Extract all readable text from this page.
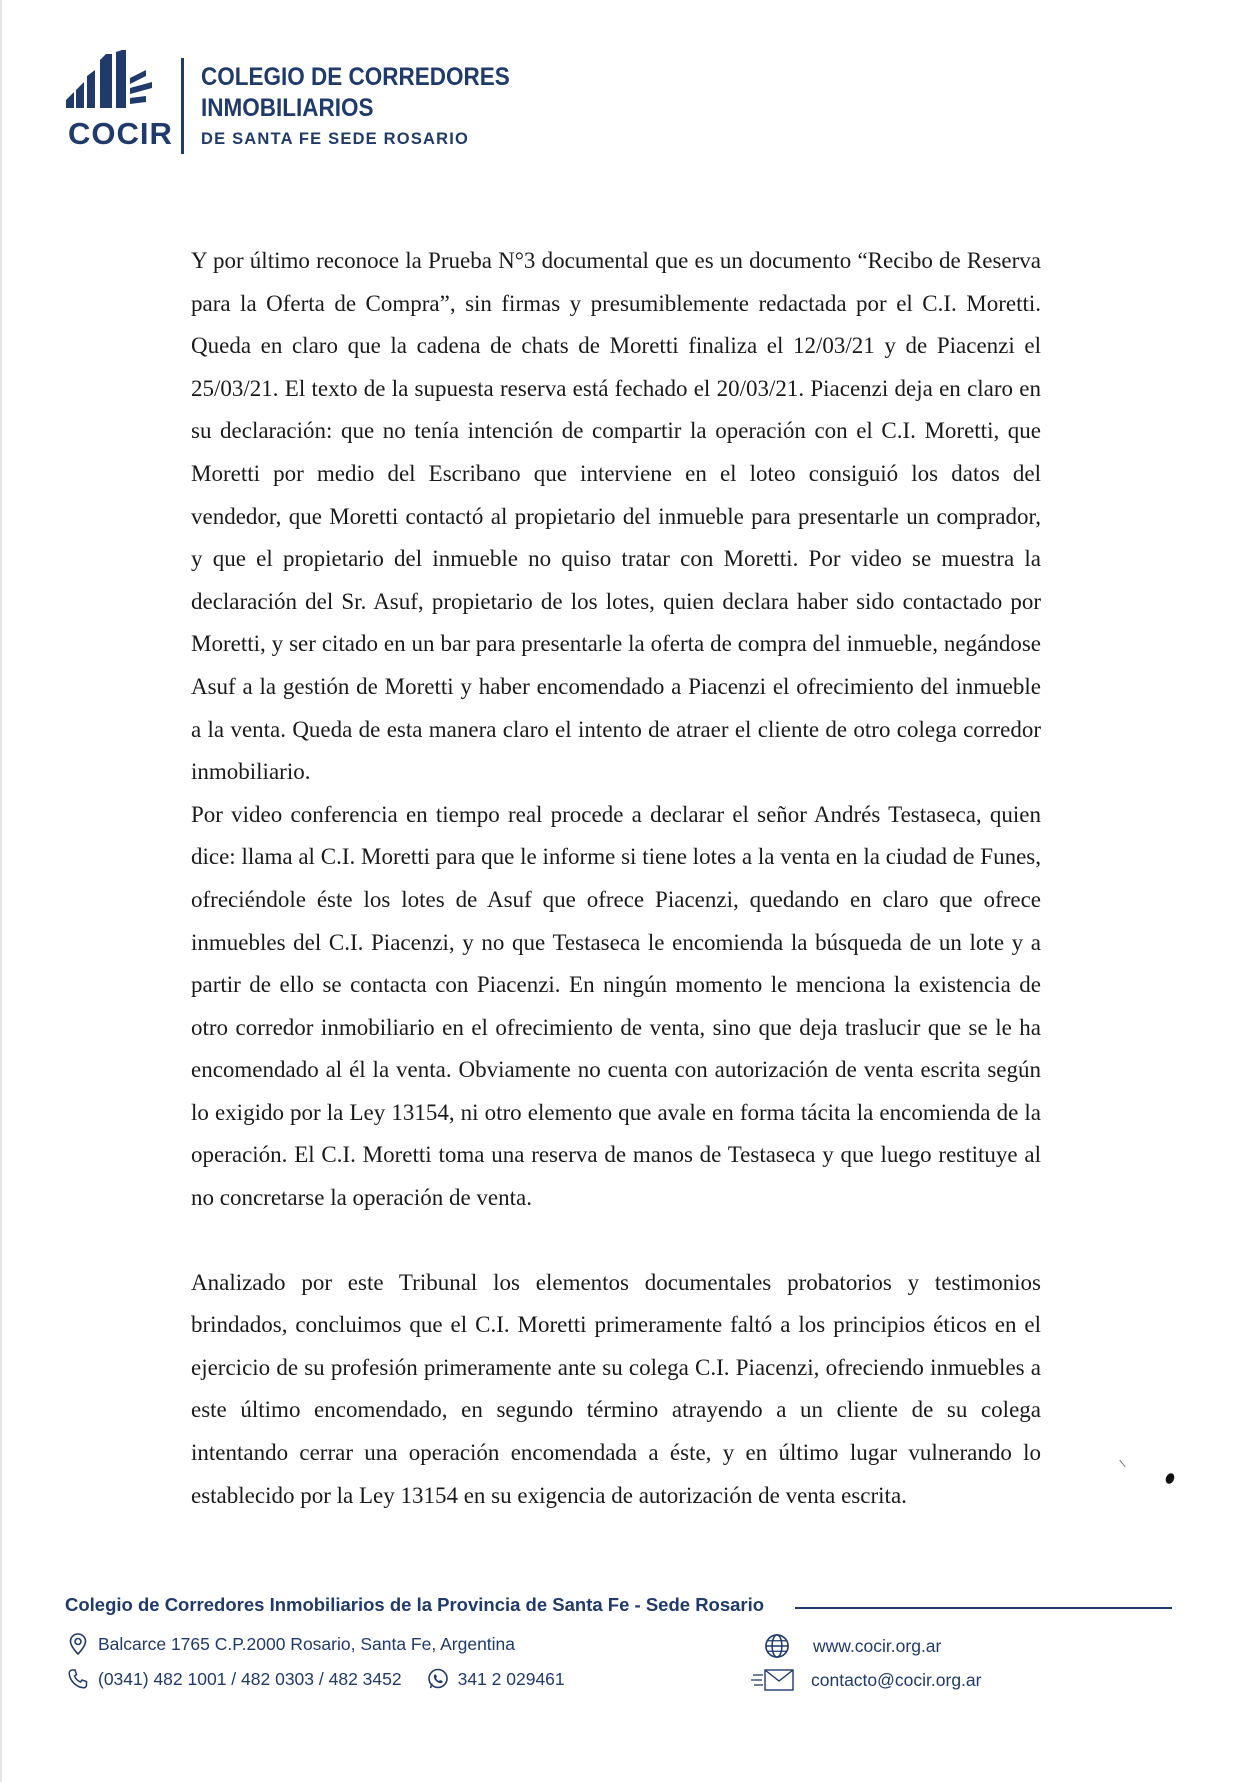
COCIR
COLEGIO DE CORREDORES
INMOBILIARIOS
DE SANTA FE SEDE ROSARIO

Y por último reconoce la Prueba N°3 documental que es un documento “Recibo de Reserva para la Oferta de Compra”, sin firmas y presumiblemente redactada por el C.I. Moretti. Queda en claro que la cadena de chats de Moretti finaliza el 12/03/21 y de Piacenzi el 25/03/21. El texto de la supuesta reserva está fechado el 20/03/21. Piacenzi deja en claro en su declaración: que no tenía intención de compartir la operación con el C.I. Moretti, que Moretti por medio del Escribano que interviene en el loteo consiguió los datos del vendedor, que Moretti contactó al propietario del inmueble para presentarle un comprador, y que el propietario del inmueble no quiso tratar con Moretti. Por video se muestra la declaración del Sr. Asuf, propietario de los lotes, quien declara haber sido contactado por Moretti, y ser citado en un bar para presentarle la oferta de compra del inmueble, negándose Asuf a la gestión de Moretti y haber encomendado a Piacenzi el ofrecimiento del inmueble a la venta. Queda de esta manera claro el intento de atraer el cliente de otro colega corredor inmobiliario.

Por video conferencia en tiempo real procede a declarar el señor Andrés Testaseca, quien dice: llama al C.I. Moretti para que le informe si tiene lotes a la venta en la ciudad de Funes, ofreciéndole éste los lotes de Asuf que ofrece Piacenzi, quedando en claro que ofrece inmuebles del C.I. Piacenzi, y no que Testaseca le encomienda la búsqueda de un lote y a partir de ello se contacta con Piacenzi. En ningún momento le menciona la existencia de otro corredor inmobiliario en el ofrecimiento de venta, sino que deja traslucir que se le ha encomendado al él la venta. Obviamente no cuenta con autorización de venta escrita según lo exigido por la Ley 13154, ni otro elemento que avale en forma tácita la encomienda de la operación. El C.I. Moretti toma una reserva de manos de Testaseca y que luego restituye al no concretarse la operación de venta.

Analizado por este Tribunal los elementos documentales probatorios y testimonios brindados, concluimos que el C.I. Moretti primeramente faltó a los principios éticos en el ejercicio de su profesión primeramente ante su colega C.I. Piacenzi, ofreciendo inmuebles a este último encomendado, en segundo término atrayendo a un cliente de su colega intentando cerrar una operación encomendada a éste, y en último lugar vulnerando lo establecido por la Ley 13154 en su exigencia de autorización de venta escrita.

Colegio de Corredores Inmobiliarios de la Provincia de Santa Fe - Sede Rosario
Balcarce 1765 C.P.2000 Rosario, Santa Fe, Argentina
(0341) 482 1001 / 482 0303 / 482 3452	341 2 029461
www.cocir.org.ar
contacto@cocir.org.ar
